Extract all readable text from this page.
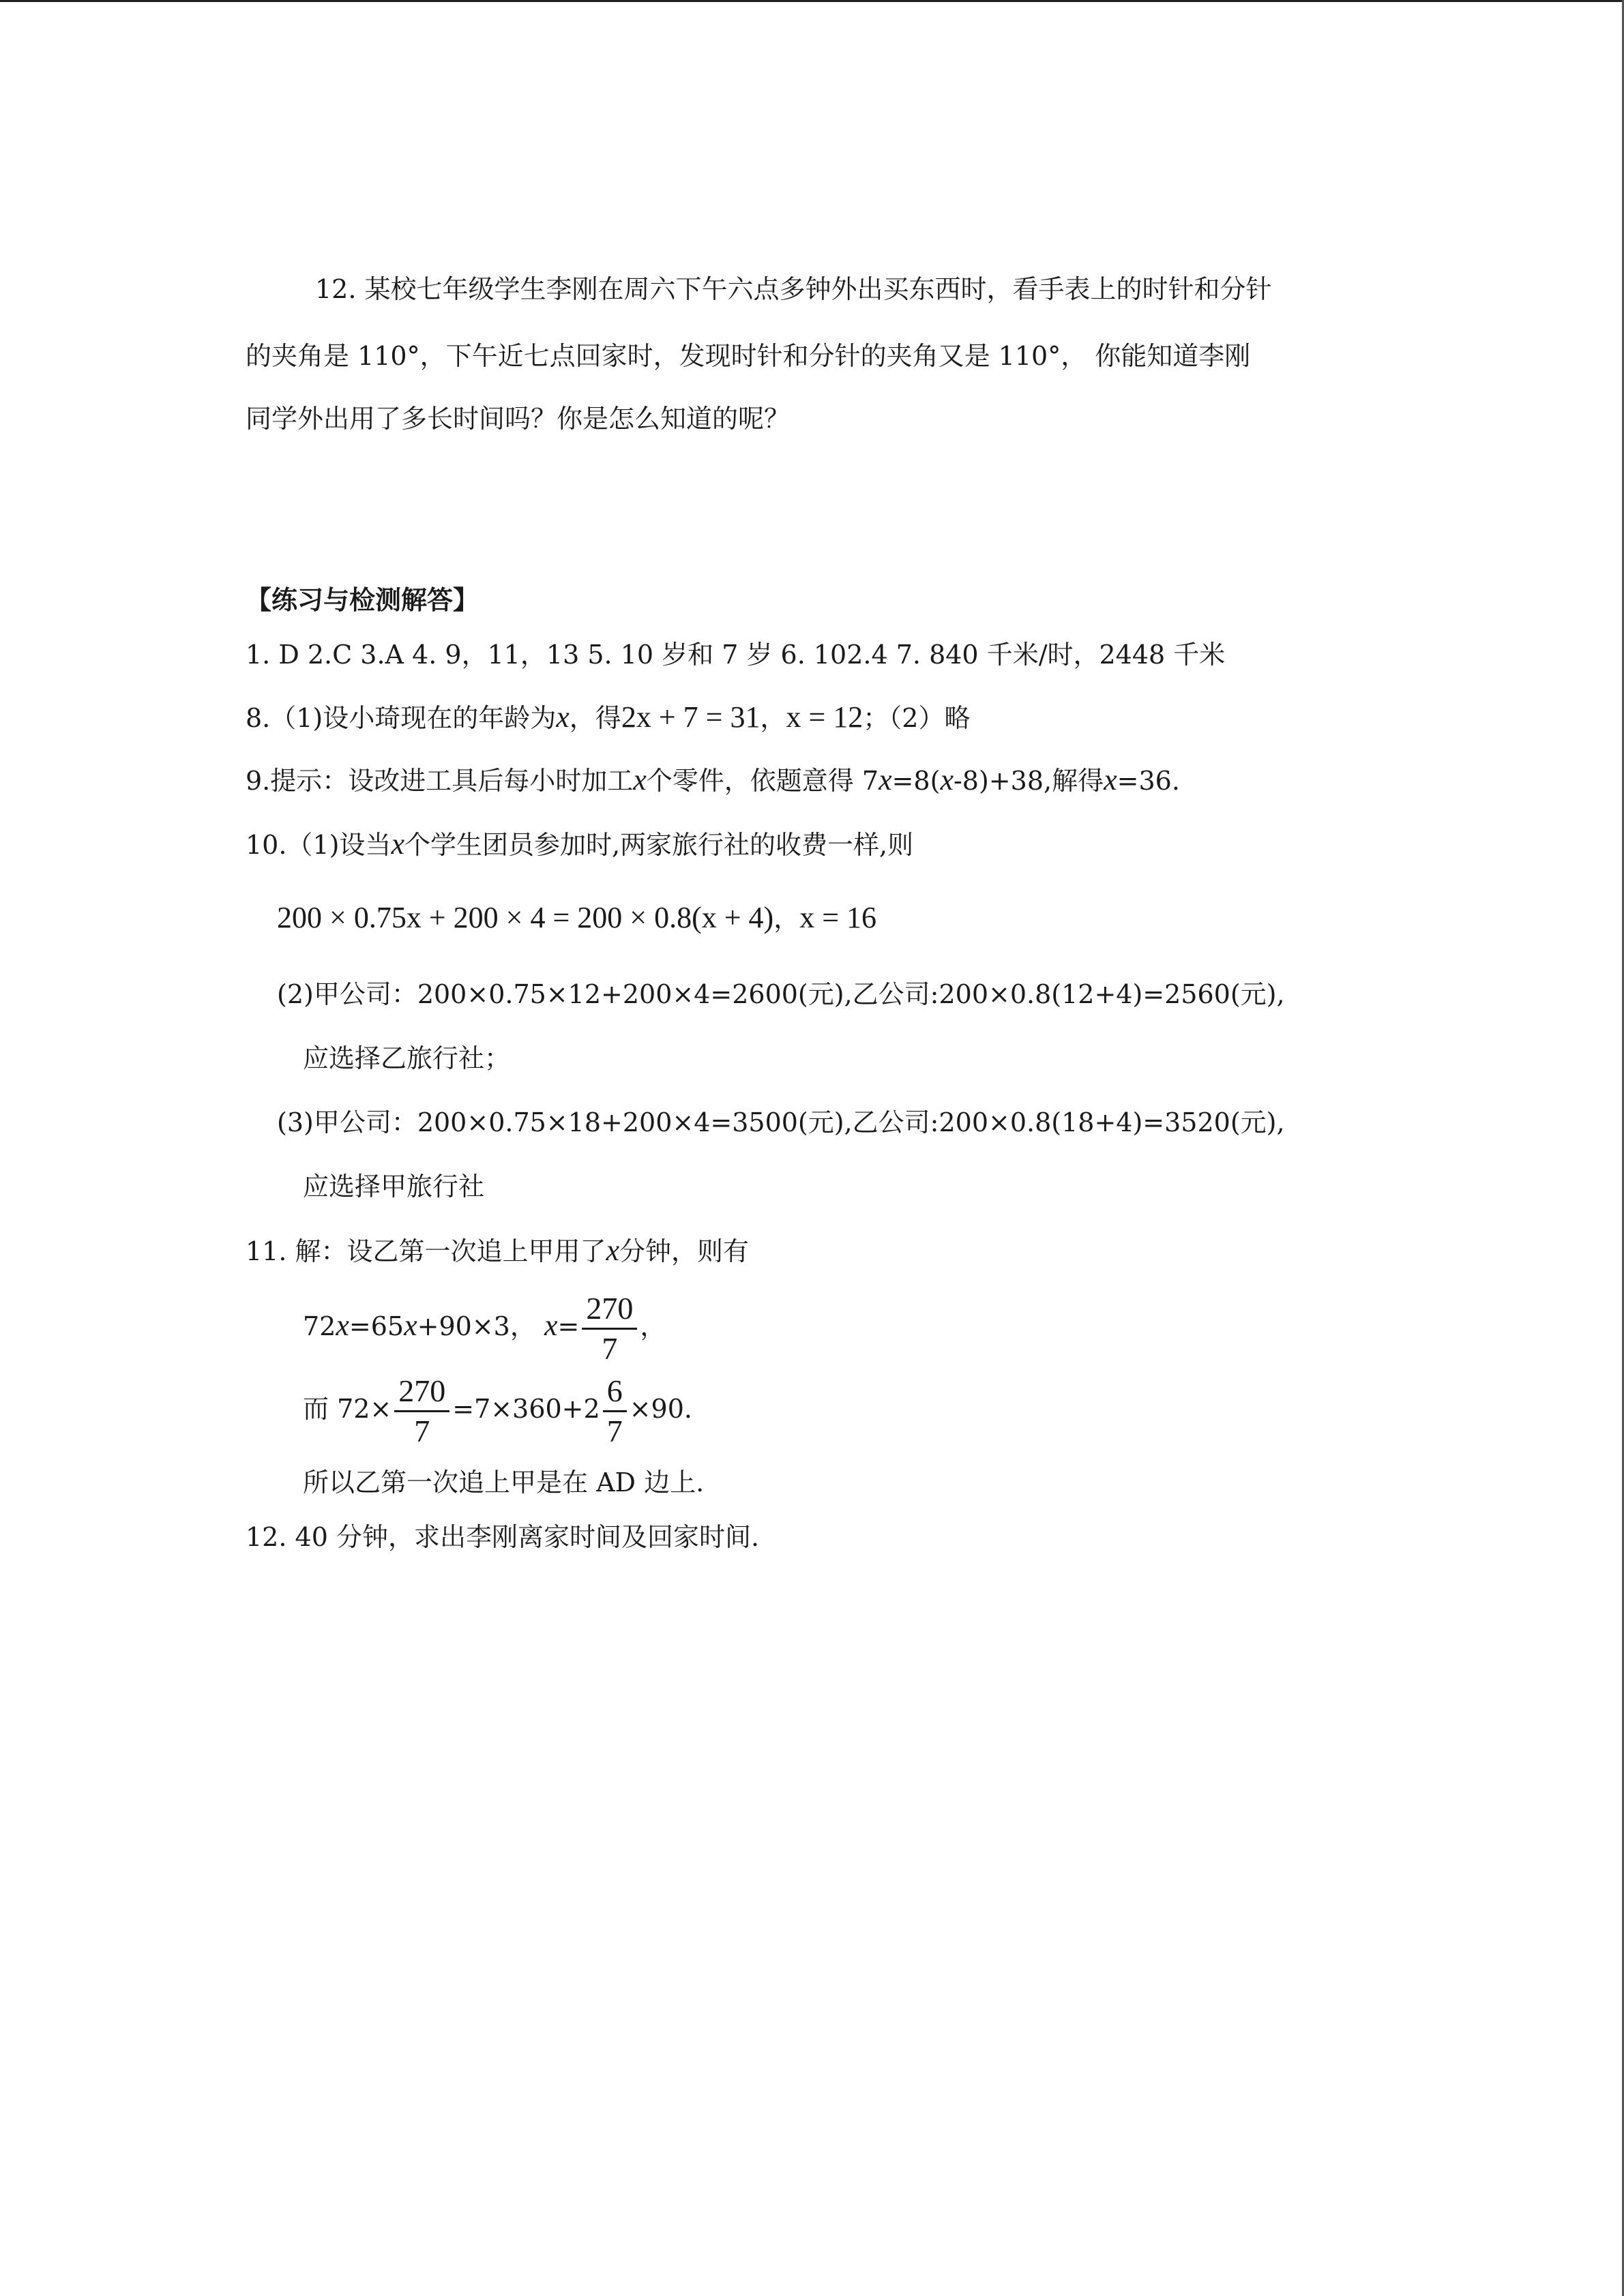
12. 某校七年级学生李刚在周六下午六点多钟外出买东西时，看手表上的时针和分针
的夹角是 110°，下午近七点回家时，发现时针和分针的夹角又是 110°， 你能知道李刚
同学外出用了多长时间吗？你是怎么知道的呢？
【练习与检测解答】
1. D 2.C 3.A 4. 9，11，13 5. 10 岁和 7 岁 6. 102.4 7. 840 千米/时，2448 千米
8.（1)设小琦现在的年龄为x，得2x + 7 = 31，x = 12；（2）略
9.提示：设改进工具后每小时加工x个零件，依题意得 7x=8(x-8)+38,解得x=36.
10.（1)设当x个学生团员参加时,两家旅行社的收费一样,则
200 × 0.75x + 200 × 4 = 200 × 0.8(x + 4)，x = 16
(2)甲公司：200×0.75×12+200×4=2600(元),乙公司:200×0.8(12+4)=2560(元),
应选择乙旅行社；
(3)甲公司：200×0.75×18+200×4=3500(元),乙公司:200×0.8(18+4)=3520(元),
应选择甲旅行社
11. 解：设乙第一次追上甲用了x分钟，则有
72x=65x+90×3， $x= \frac{270}{7}$ ，
而 $72\times \frac{270}{7} =7\times 360+2 \frac{6}{7} \times 90$.
所以乙第一次追上甲是在 AD 边上.
12. 40 分钟，求出李刚离家时间及回家时间.
